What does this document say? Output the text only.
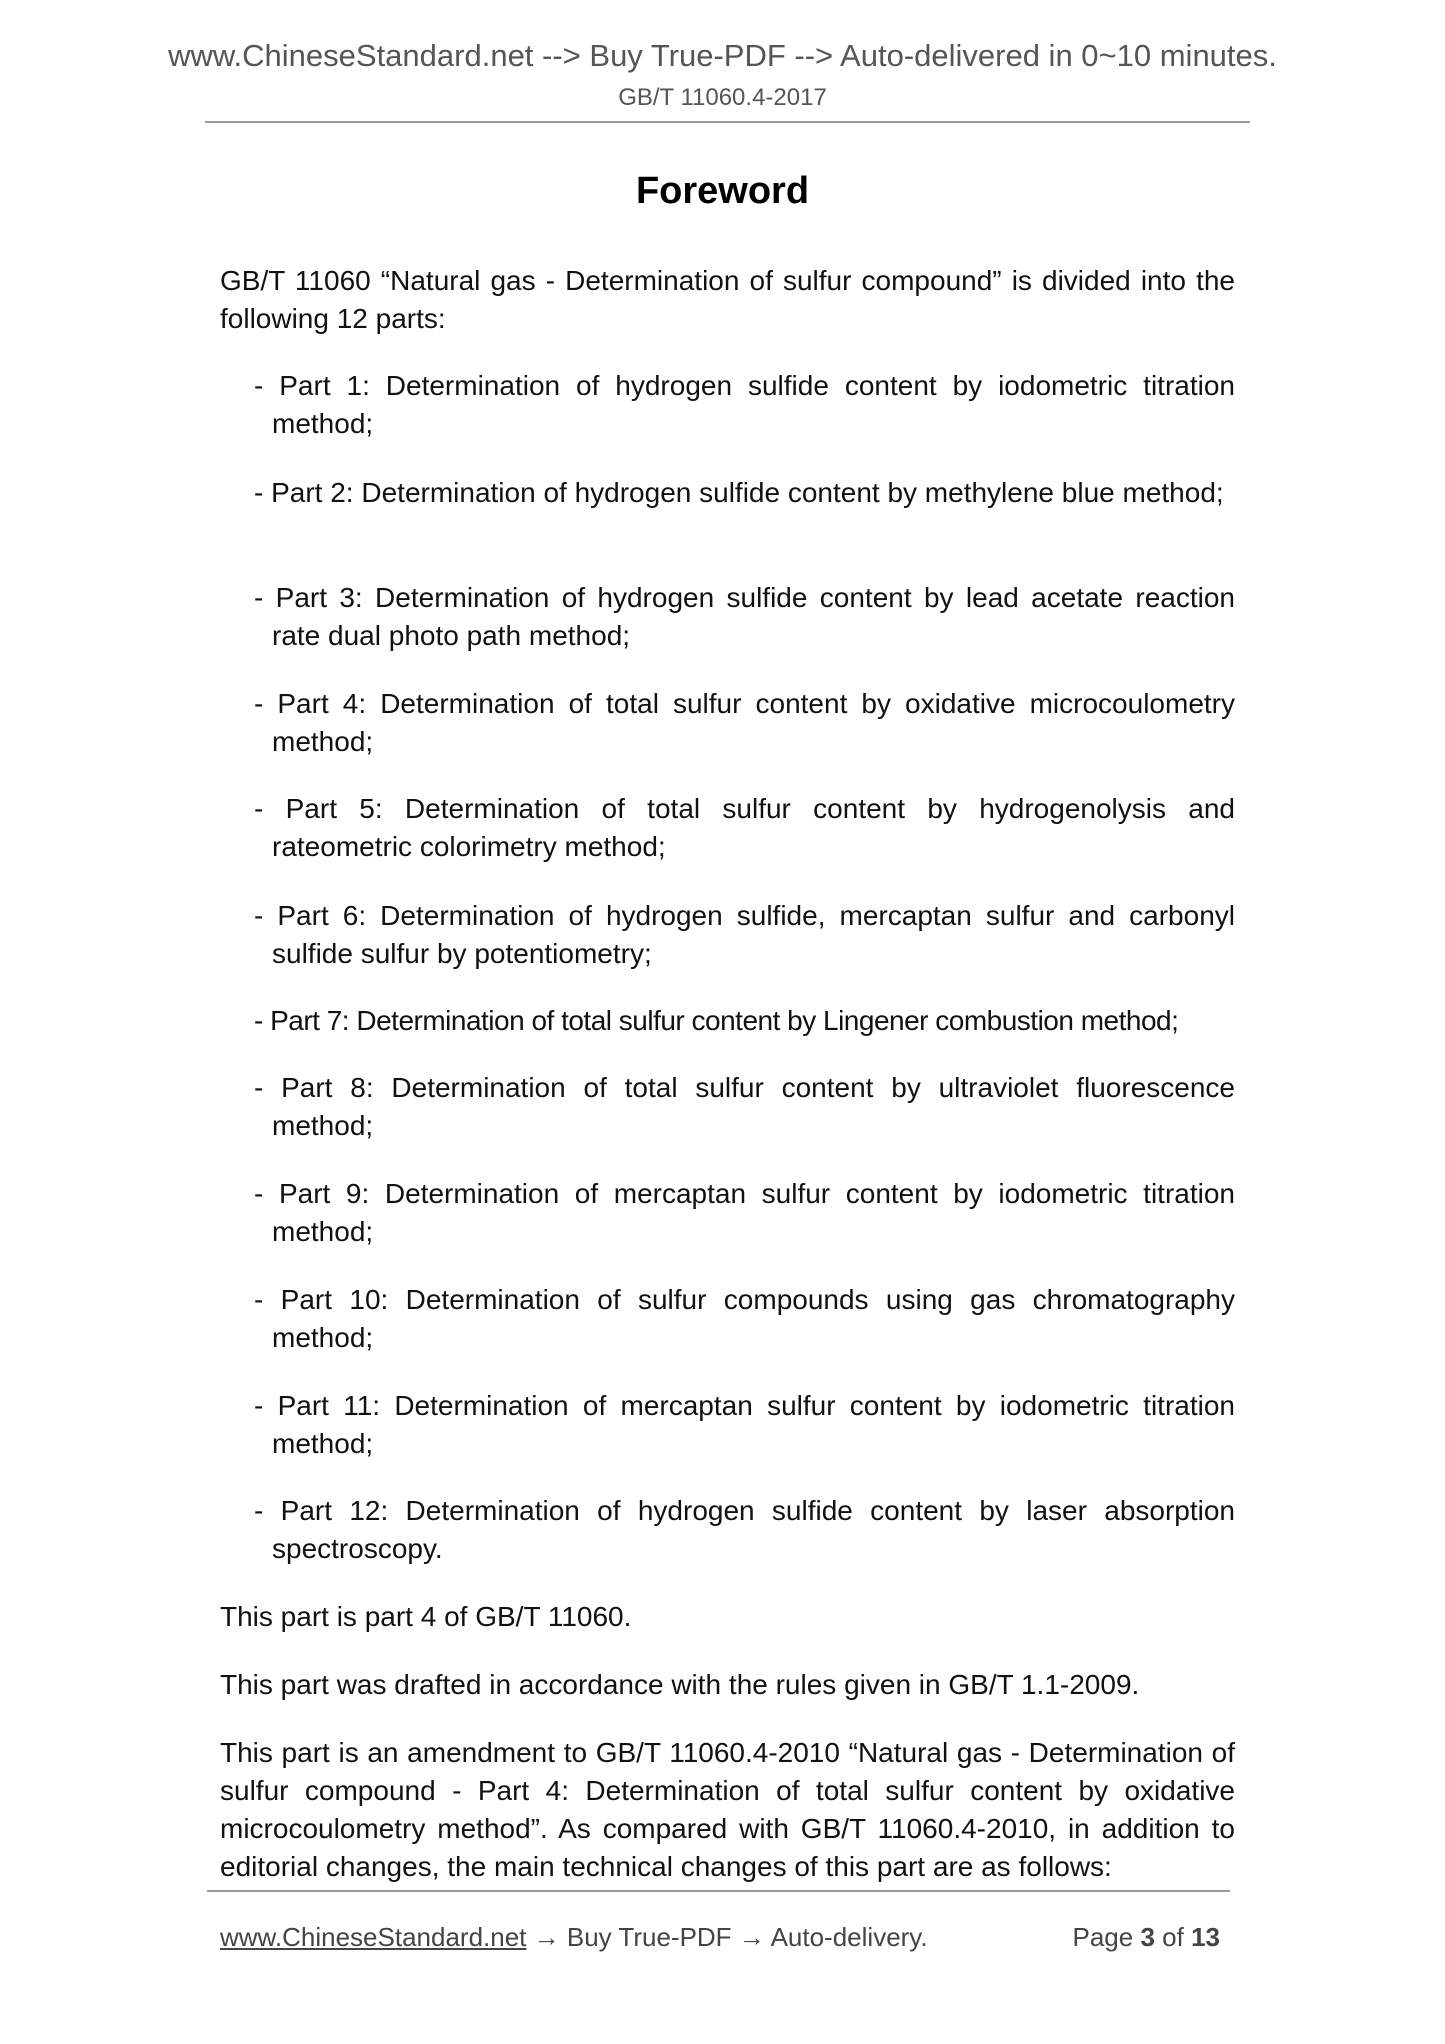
www.ChineseStandard.net --> Buy True-PDF --> Auto-delivered in 0~10 minutes.
GB/T 11060.4-2017
Foreword
GB/T 11060 “Natural gas - Determination of sulfur compound” is divided into the following 12 parts:
- Part 1: Determination of hydrogen sulfide content by iodometric titration method;
- Part 2: Determination of hydrogen sulfide content by methylene blue method;
- Part 3: Determination of hydrogen sulfide content by lead acetate reaction rate dual photo path method;
- Part 4: Determination of total sulfur content by oxidative microcoulometry method;
- Part 5: Determination of total sulfur content by hydrogenolysis and rateometric colorimetry method;
- Part 6: Determination of hydrogen sulfide, mercaptan sulfur and carbonyl sulfide sulfur by potentiometry;
- Part 7: Determination of total sulfur content by Lingener combustion method;
- Part 8: Determination of total sulfur content by ultraviolet fluorescence method;
- Part 9: Determination of mercaptan sulfur content by iodometric titration method;
- Part 10: Determination of sulfur compounds using gas chromatography method;
- Part 11: Determination of mercaptan sulfur content by iodometric titration method;
- Part 12: Determination of hydrogen sulfide content by laser absorption spectroscopy.
This part is part 4 of GB/T 11060.
This part was drafted in accordance with the rules given in GB/T 1.1-2009.
This part is an amendment to GB/T 11060.4-2010 “Natural gas - Determination of sulfur compound - Part 4: Determination of total sulfur content by oxidative microcoulometry method”. As compared with GB/T 11060.4-2010, in addition to editorial changes, the main technical changes of this part are as follows:
www.ChineseStandard.net → Buy True-PDF → Auto-delivery.	Page 3 of 13
